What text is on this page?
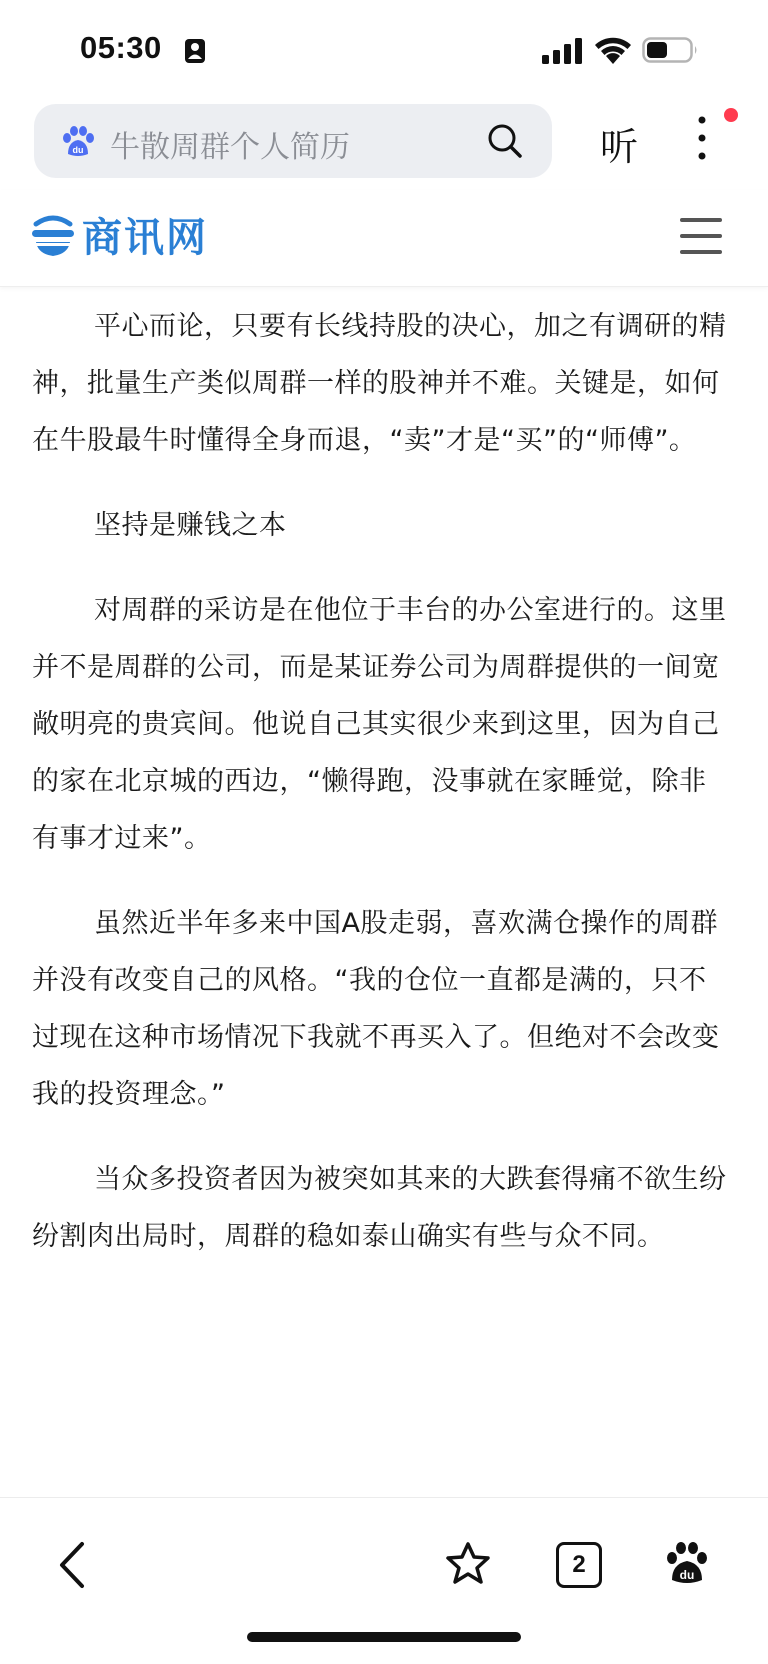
05:30
du 牛散周群个人简历	听
商讯网

平心而论，只要有长线持股的决心，加之有调研的精神，批量生产类似周群一样的股神并不难。关键是，如何在牛股最牛时懂得全身而退，“卖”才是“买”的“师傅”。

坚持是赚钱之本

对周群的采访是在他位于丰台的办公室进行的。这里并不是周群的公司，而是某证券公司为周群提供的一间宽敞明亮的贵宾间。他说自己其实很少来到这里，因为自己的家在北京城的西边，“懒得跑，没事就在家睡觉，除非有事才过来”。

虽然近半年多来中国A股走弱，喜欢满仓操作的周群并没有改变自己的风格。“我的仓位一直都是满的，只不过现在这种市场情况下我就不再买入了。但绝对不会改变我的投资理念。”

当众多投资者因为被突如其来的大跌套得痛不欲生纷纷割肉出局时，周群的稳如泰山确实有些与众不同。

2	du
